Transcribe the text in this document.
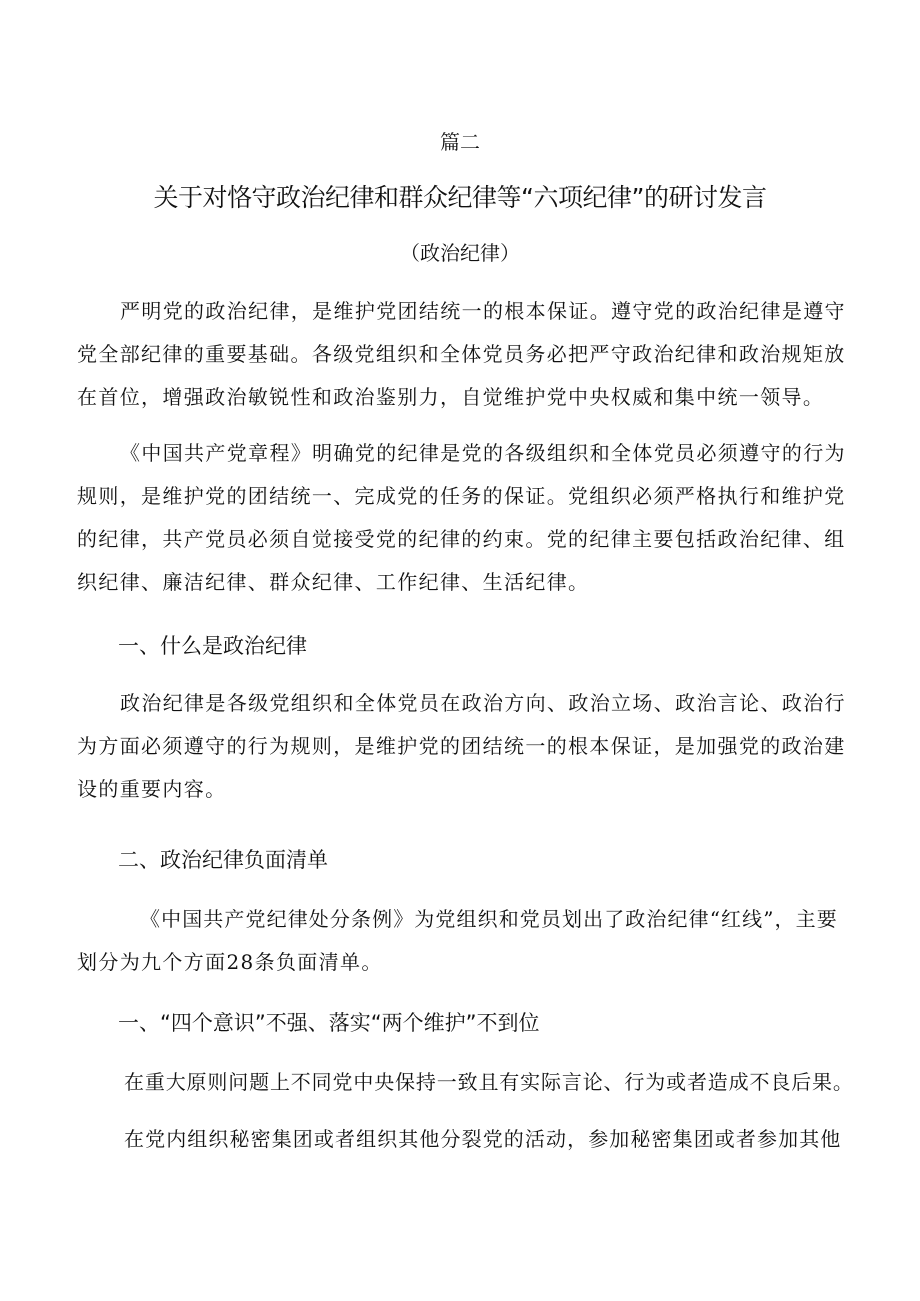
篇二

关于对恪守政治纪律和群众纪律等“六项纪律”的研讨发言

（政治纪律）

严明党的政治纪律，是维护党团结统一的根本保证。遵守党的政治纪律是遵守

党全部纪律的重要基础。各级党组织和全体党员务必把严守政治纪律和政治规矩放

在首位，增强政治敏锐性和政治鉴别力，自觉维护党中央权威和集中统一领导。

《中国共产党章程》明确党的纪律是党的各级组织和全体党员必须遵守的行为

规则，是维护党的团结统一、完成党的任务的保证。党组织必须严格执行和维护党

的纪律，共产党员必须自觉接受党的纪律的约束。党的纪律主要包括政治纪律、组

织纪律、廉洁纪律、群众纪律、工作纪律、生活纪律。

一、什么是政治纪律

政治纪律是各级党组织和全体党员在政治方向、政治立场、政治言论、政治行

为方面必须遵守的行为规则，是维护党的团结统一的根本保证，是加强党的政治建

设的重要内容。

二、政治纪律负面清单

《中国共产党纪律处分条例》为党组织和党员划出了政治纪律“红线”，主要

划分为九个方面28条负面清单。

一、“四个意识”不强、落实“两个维护”不到位

在重大原则问题上不同党中央保持一致且有实际言论、行为或者造成不良后果。

在党内组织秘密集团或者组织其他分裂党的活动，参加秘密集团或者参加其他
